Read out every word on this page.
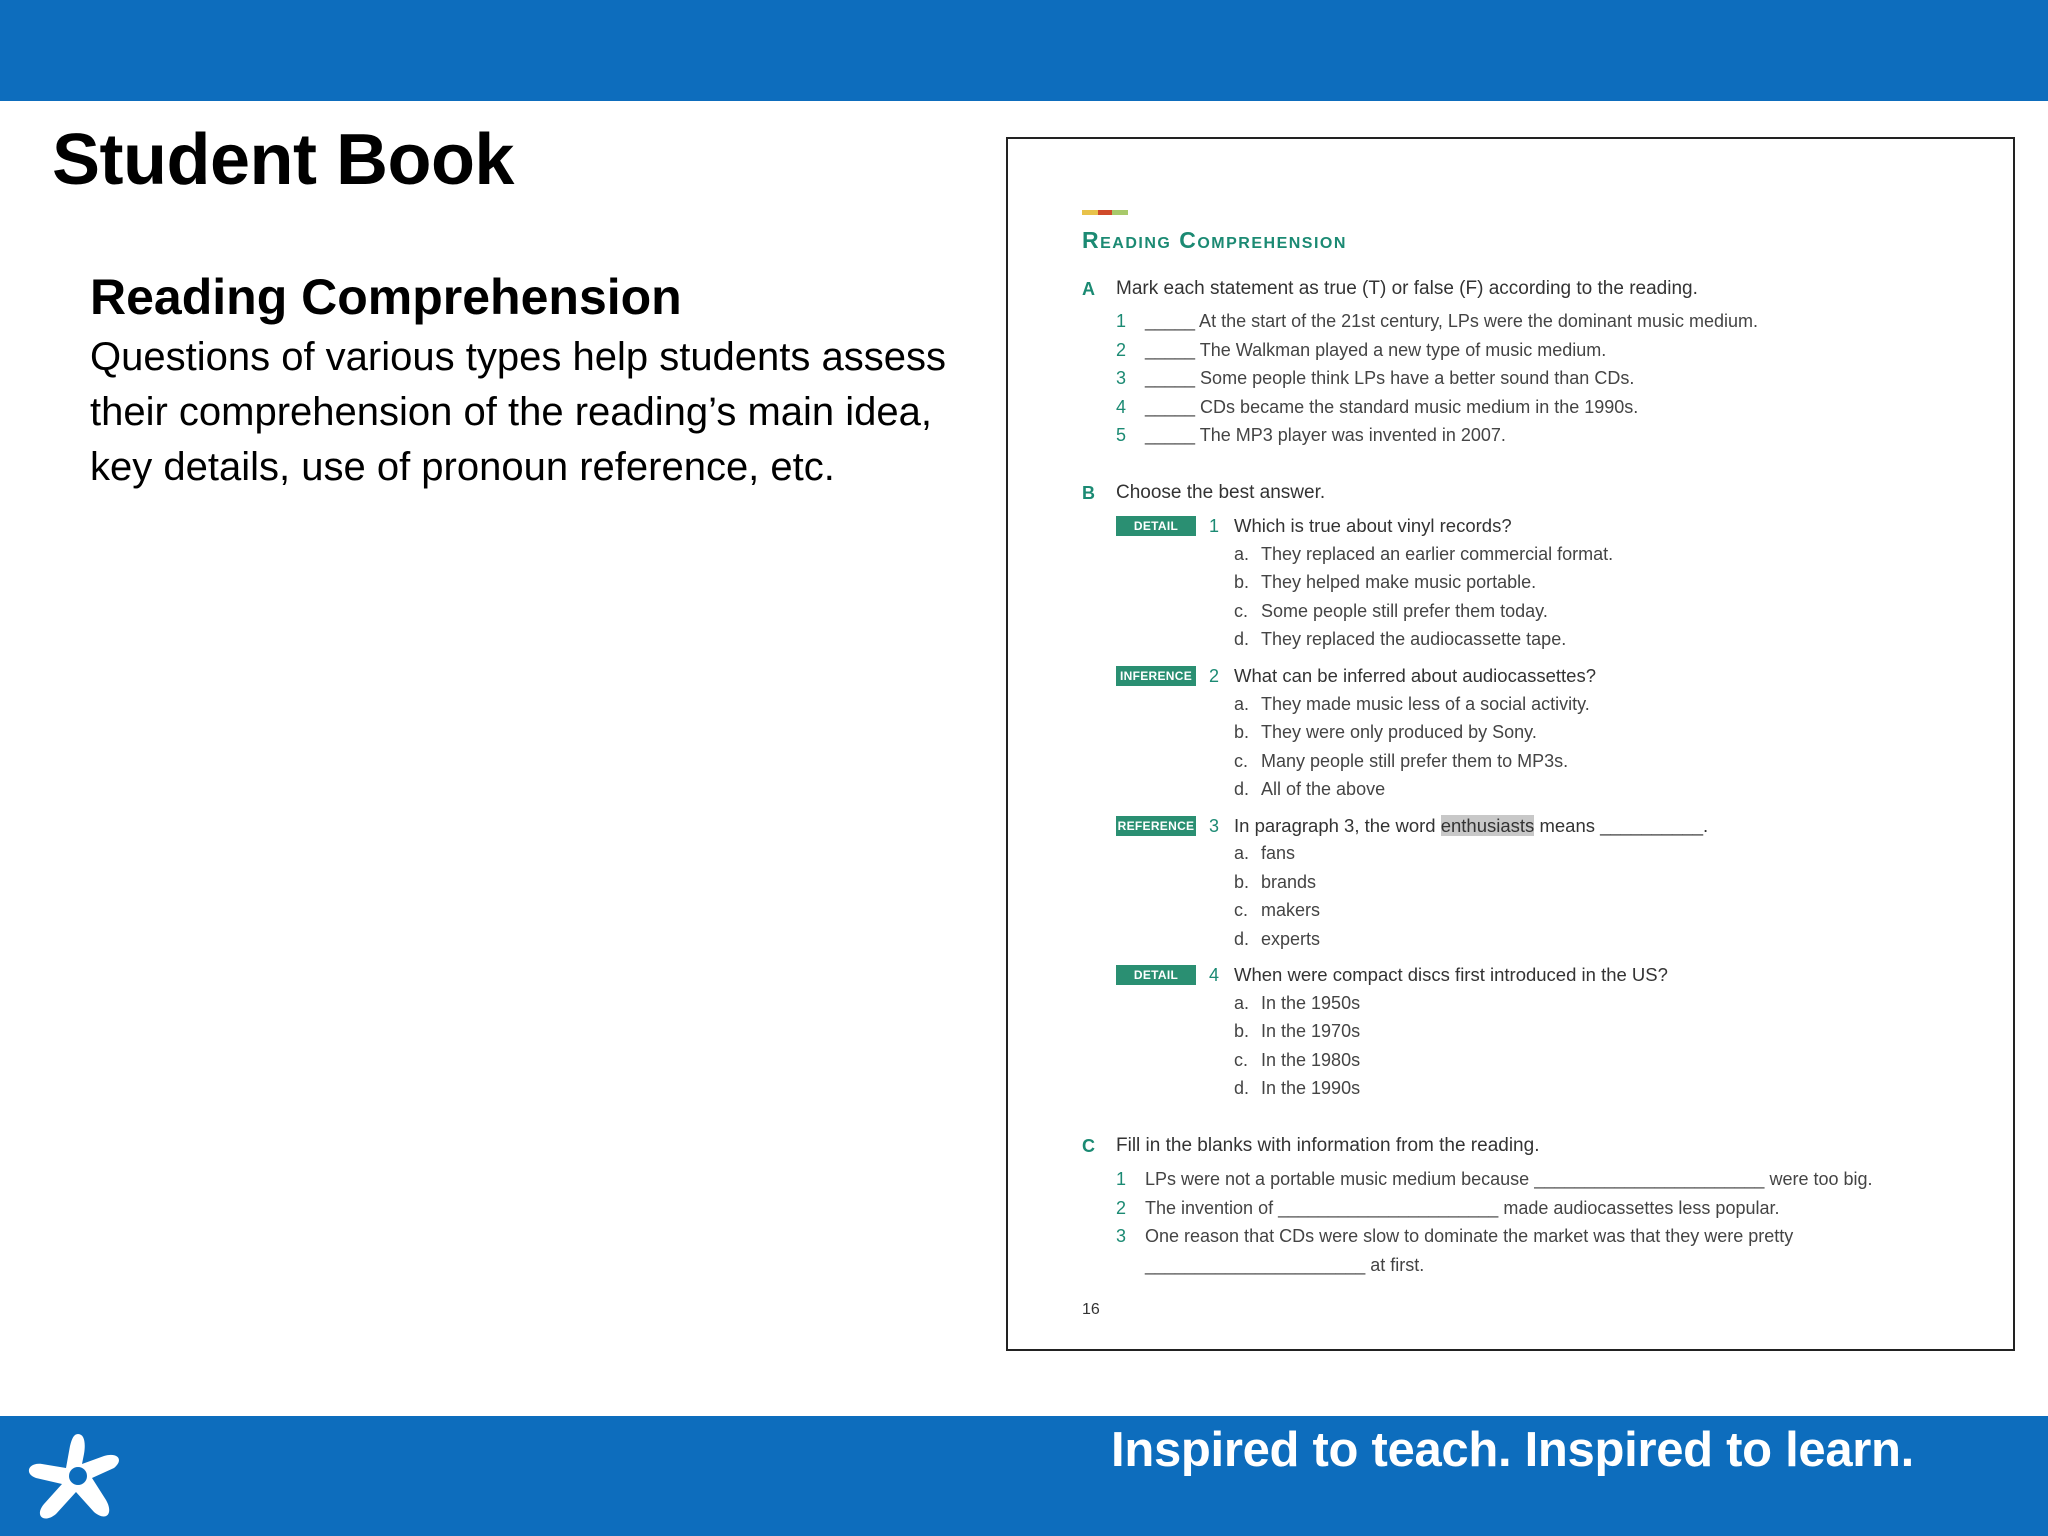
Student Book
Reading Comprehension
Questions of various types help students assess their comprehension of the reading’s main idea, key details, use of pronoun reference, etc.
Reading Comprehension
A Mark each statement as true (T) or false (F) according to the reading.
1 _____ At the start of the 21st century, LPs were the dominant music medium.
2 _____ The Walkman played a new type of music medium.
3 _____ Some people think LPs have a better sound than CDs.
4 _____ CDs became the standard music medium in the 1990s.
5 _____ The MP3 player was invented in 2007.
B Choose the best answer.
DETAIL	1 Which is true about vinyl records?
a. They replaced an earlier commercial format.
b. They helped make music portable.
c. Some people still prefer them today.
d. They replaced the audiocassette tape.
INFERENCE 2 What can be inferred about audiocassettes?
a. They made music less of a social activity.
b. They were only produced by Sony.
c. Many people still prefer them to MP3s.
d. All of the above
REFERENCE 3 In paragraph 3, the word enthusiasts means __________.
a. fans
b. brands
c. makers
d. experts
DETAIL	4 When were compact discs first introduced in the US?
a. In the 1950s
b. In the 1970s
c. In the 1980s
d. In the 1990s
C Fill in the blanks with information from the reading.
1 LPs were not a portable music medium because _______________________ were too big.
2 The invention of ______________________ made audiocassettes less popular.
3 One reason that CDs were slow to dominate the market was that they were pretty
______________________ at first.
16
Inspired to teach. Inspired to learn.
